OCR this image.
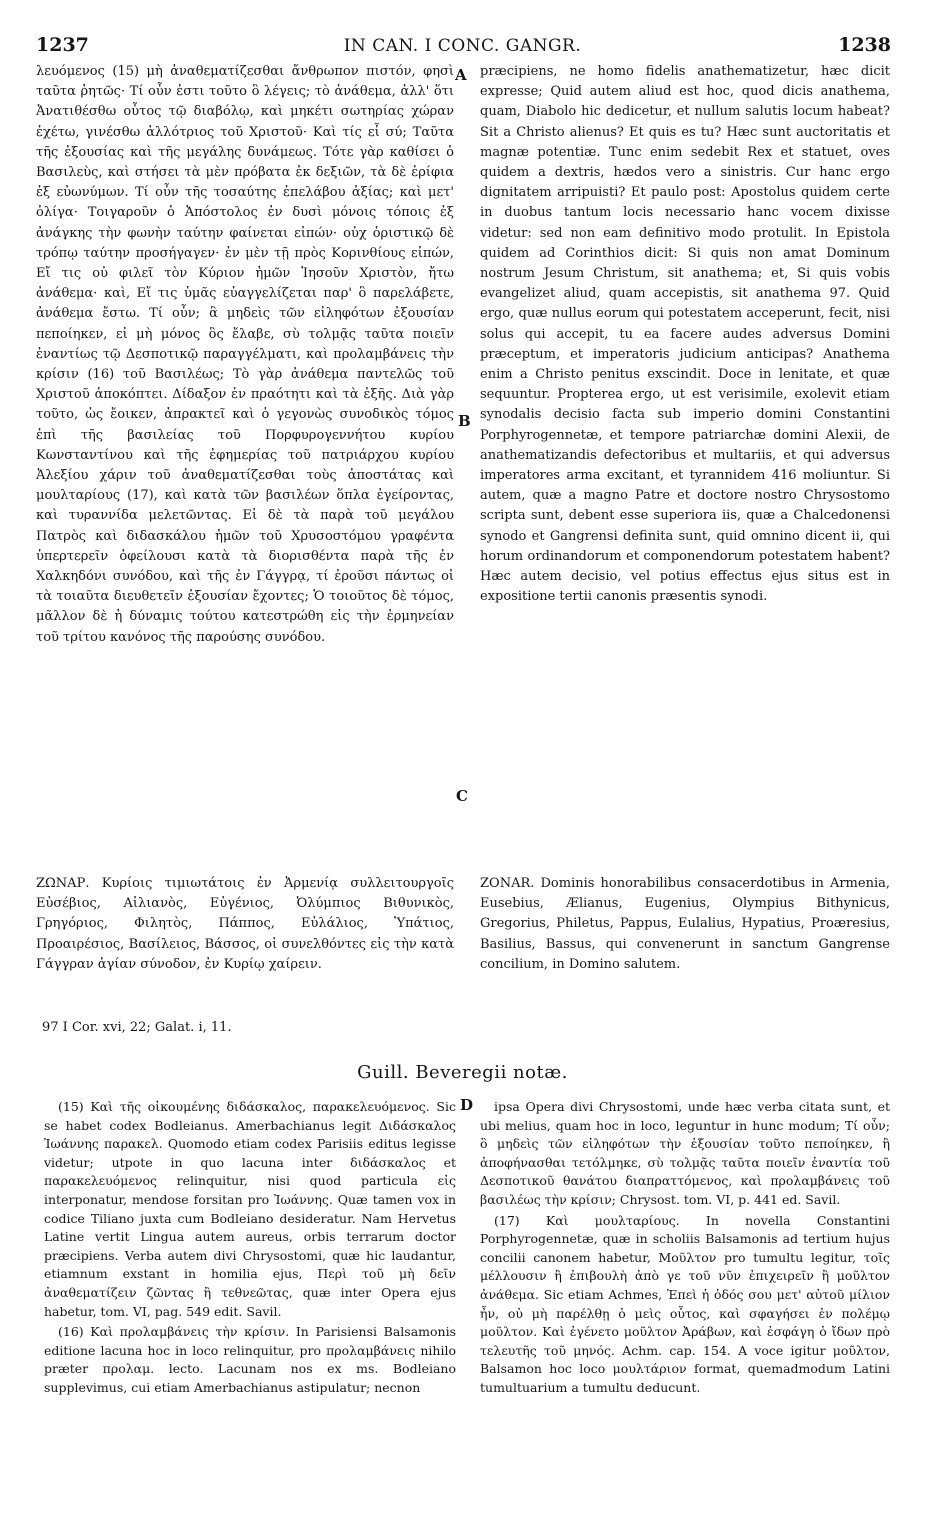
1237	IN CAN. I CONC. GANGR.	1238
A
B
C
D

λευόμενος (15) μὴ ἀναθεματίζεσθαι ἄνθρωπον πιστόν, φησὶ ταῦτα ῥητῶς· Τί οὖν ἐστι τοῦτο ὃ λέγεις; τὸ ἀνάθεμα, ἀλλ' ὅτι Ἀνατιθέσθω οὗτος τῷ διαβόλῳ, καὶ μηκέτι σωτηρίας χώραν ἐχέτω, γινέσθω ἀλλότριος τοῦ Χριστοῦ· Καὶ τίς εἶ σύ; Ταῦτα τῆς ἐξουσίας καὶ τῆς μεγάλης δυνάμεως. Τότε γὰρ καθίσει ὁ Βασιλεὺς, καὶ στήσει τὰ μὲν πρόβατα ἐκ δεξιῶν, τὰ δὲ ἐρίφια ἐξ εὐωνύμων. Τί οὖν τῆς τοσαύτης ἐπελάβου ἀξίας; καὶ μετ' ὀλίγα· Τοιγαροῦν ὁ Ἀπόστολος ἐν δυσὶ μόνοις τόποις ἐξ ἀνάγκης τὴν φωνὴν ταύτην φαίνεται εἰπών· οὐχ ὁριστικῷ δὲ τρόπῳ ταύτην προσήγαγεν· ἐν μὲν τῇ πρὸς Κορινθίους εἰπών, Εἴ τις οὐ φιλεῖ τὸν Κύριον ἡμῶν Ἰησοῦν Χριστὸν, ἤτω ἀνάθεμα· καὶ, Εἴ τις ὑμᾶς εὐαγγελίζεται παρ' ὃ παρελάβετε, ἀνάθεμα ἔστω. Τί οὖν; ἃ μηδεὶς τῶν εἰληφότων ἐξουσίαν πεποίηκεν, εἰ μὴ μόνος ὃς ἔλαβε, σὺ τολμᾷς ταῦτα ποιεῖν ἐναντίως τῷ Δεσποτικῷ παραγγέλματι, καὶ προλαμβάνεις τὴν κρίσιν (16) τοῦ Βασιλέως; Τὸ γὰρ ἀνάθεμα παντελῶς τοῦ Χριστοῦ ἀποκόπτει. Δίδαξον ἐν πραότητι καὶ τὰ ἑξῆς. Διὰ γὰρ τοῦτο, ὡς ἔοικεν, ἀπρακτεῖ καὶ ὁ γεγονὼς συνοδικὸς τόμος ἐπὶ τῆς βασιλείας τοῦ Πορφυρογεννήτου κυρίου Κωνσταντίνου καὶ τῆς ἐφημερίας τοῦ πατριάρχου κυρίου Ἀλεξίου χάριν τοῦ ἀναθεματίζεσθαι τοὺς ἀποστάτας καὶ μουλταρίους (17), καὶ κατὰ τῶν βασιλέων ὅπλα ἐγείροντας, καὶ τυραννίδα μελετῶντας. Εἰ δὲ τὰ παρὰ τοῦ μεγάλου Πατρὸς καὶ διδασκάλου ἡμῶν τοῦ Χρυσοστόμου γραφέντα ὑπερτερεῖν ὀφείλουσι κατὰ τὰ διορισθέντα παρὰ τῆς ἐν Χαλκηδόνι συνόδου, καὶ τῆς ἐν Γάγγρᾳ, τί ἐροῦσι πάντως οἱ τὰ τοιαῦτα διευθετεῖν ἐξουσίαν ἔχοντες; Ὁ τοιοῦτος δὲ τόμος, μᾶλλον δὲ ἡ δύναμις τούτου κατεστρώθη εἰς τὴν ἑρμηνείαν τοῦ τρίτου κανόνος τῆς παρούσης συνόδου.

præcipiens, ne homo fidelis anathematizetur, hæc dicit expresse; Quid autem aliud est hoc, quod dicis anathema, quam, Diabolo hic dedicetur, et nullum salutis locum habeat? Sit a Christo alienus? Et quis es tu? Hæc sunt auctoritatis et magnæ potentiæ. Tunc enim sedebit Rex et statuet, oves quidem a dextris, hædos vero a sinistris. Cur hanc ergo dignitatem arripuisti? Et paulo post: Apostolus quidem certe in duobus tantum locis necessario hanc vocem dixisse videtur: sed non eam definitivo modo protulit. In Epistola quidem ad Corinthios dicit: Si quis non amat Dominum nostrum Jesum Christum, sit anathema; et, Si quis vobis evangelizet aliud, quam accepistis, sit anathema 97. Quid ergo, quæ nullus eorum qui potestatem acceperunt, fecit, nisi solus qui accepit, tu ea facere audes adversus Domini præceptum, et imperatoris judicium anticipas? Anathema enim a Christo penitus exscindit. Doce in lenitate, et quæ sequuntur. Propterea ergo, ut est verisimile, exolevit etiam synodalis decisio facta sub imperio domini Constantini Porphyrogennetæ, et tempore patriarchæ domini Alexii, de anathematizandis defectoribus et multariis, et qui adversus imperatores arma excitant, et tyrannidem 416 moliuntur. Si autem, quæ a magno Patre et doctore nostro Chrysostomo scripta sunt, debent esse superiora iis, quæ a Chalcedonensi synodo et Gangrensi definita sunt, quid omnino dicent ii, qui horum ordinandorum et componendorum potestatem habent? Hæc autem decisio, vel potius effectus ejus situs est in expositione tertii canonis præsentis synodi.

ΖΩΝΑΡ. Κυρίοις τιμιωτάτοις ἐν Ἀρμενίᾳ συλλειτουργοῖς Εὐσέβιος, Αἰλιανὸς, Εὐγένιος, Ὀλύμπιος Βιθυνικὸς, Γρηγόριος, Φιλητὸς, Πάππος, Εὐλάλιος, Ὑπάτιος, Προαιρέσιος, Βασίλειος, Βάσσος, οἱ συνελθόντες εἰς τὴν κατὰ Γάγγραν ἁγίαν σύνοδον, ἐν Κυρίῳ χαίρειν.

ZONAR. Dominis honorabilibus consacerdotibus in Armenia, Eusebius, Ælianus, Eugenius, Olympius Bithynicus, Gregorius, Philetus, Pappus, Eulalius, Hypatius, Proæresius, Basilius, Bassus, qui convenerunt in sanctum Gangrense concilium, in Domino salutem.

97 I Cor. xvi, 22; Galat. i, 11.
Guill. Beveregii notæ.

(15) Καὶ τῆς οἰκουμένης διδάσκαλος, παρακελευόμενος. Sic se habet codex Bodleianus. Amerbachianus legit Διδάσκαλος Ἰωάννης παρακελ. Quomodo etiam codex Parisiis editus legisse videtur; utpote in quo lacuna inter διδάσκαλος et παρακελευόμενος relinquitur, nisi quod particula εἰς interponatur, mendose forsitan pro Ἰωάννης. Quæ tamen vox in codice Tiliano juxta cum Bodleiano desideratur. Nam Hervetus Latine vertit Lingua autem aureus, orbis terrarum doctor præcipiens. Verba autem divi Chrysostomi, quæ hic laudantur, etiamnum exstant in homilia ejus, Περὶ τοῦ μὴ δεῖν ἀναθεματίζειν ζῶντας ἢ τεθνεῶτας, quæ inter Opera ejus habetur, tom. VI, pag. 549 edit. Savil.

(16) Καὶ προλαμβάνεις τὴν κρίσιν. In Parisiensi Balsamonis editione lacuna hoc in loco relinquitur, pro προλαμβάνεις nihilo præter προλαμ. lecto. Lacunam nos ex ms. Bodleiano supplevimus, cui etiam Amerbachianus astipulatur; necnon

ipsa Opera divi Chrysostomi, unde hæc verba citata sunt, et ubi melius, quam hoc in loco, leguntur in hunc modum; Τί οὖν; ὃ μηδεὶς τῶν εἰληφότων τὴν ἐξουσίαν τοῦτο πεποίηκεν, ἢ ἀποφήνασθαι τετόλμηκε, σὺ τολμᾷς ταῦτα ποιεῖν ἐναντία τοῦ Δεσποτικοῦ θανάτου διαπραττόμενος, καὶ προλαμβάνεις τοῦ βασιλέως τὴν κρίσιν; Chrysost. tom. VI, p. 441 ed. Savil.

(17) Καὶ μουλταρίους. In novella Constantini Porphyrogennetæ, quæ in scholiis Balsamonis ad tertium hujus concilii canonem habetur, Μοῦλτον pro tumultu legitur, τοῖς μέλλουσιν ἢ ἐπιβουλὴ ἀπὸ γε τοῦ νῦν ἐπιχειρεῖν ἢ μοῦλτον ἀνάθεμα. Sic etiam Achmes, Ἐπεὶ ἡ ὁδός σου μετ' αὐτοῦ μίλιον ἦν, οὐ μὴ παρέλθῃ ὁ μεὶς οὗτος, καὶ σφαγήσει ἐν πολέμῳ μοῦλτον. Καὶ ἐγένετο μοῦλτον Ἀράβων, καὶ ἐσφάγη ὁ ἴδων πρὸ τελευτῆς τοῦ μηνός. Achm. cap. 154. A voce igitur μοῦλτον, Balsamon hoc loco μουλτάριον format, quemadmodum Latini tumultuarium a tumultu deducunt.
